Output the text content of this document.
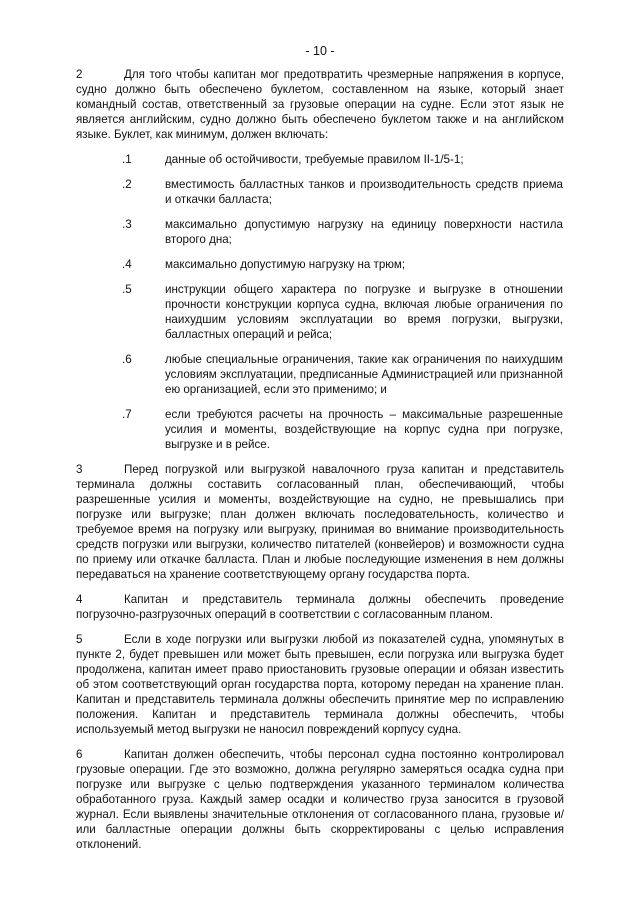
- 10 -

2	Для того чтобы капитан мог предотвратить чрезмерные напряжения в корпусе, судно должно быть обеспечено буклетом, составленном на языке, который знает командный состав, ответственный за грузовые операции на судне. Если этот язык не является английским, судно должно быть обеспечено буклетом также и на английском языке. Буклет, как минимум, должен включать:

.1	данные об остойчивости, требуемые правилом II-1/5-1;
.2	вместимость балластных танков и производительность средств приема и откачки балласта;
.3	максимально допустимую нагрузку на единицу поверхности настила второго дна;
.4	максимально допустимую нагрузку на трюм;
.5	инструкции общего характера по погрузке и выгрузке в отношении прочности конструкции корпуса судна, включая любые ограничения по наихудшим условиям эксплуатации во время погрузки, выгрузки, балластных операций и рейса;
.6	любые специальные ограничения, такие как ограничения по наихудшим условиям эксплуатации, предписанные Администрацией или признанной ею организацией, если это применимо; и
.7	если требуются расчеты на прочность – максимальные разрешенные усилия и моменты, воздействующие на корпус судна при погрузке, выгрузке и в рейсе.

3	Перед погрузкой или выгрузкой навалочного груза капитан и представитель терминала должны составить согласованный план, обеспечивающий, чтобы разрешенные усилия и моменты, воздействующие на судно, не превышались при погрузке или выгрузке; план должен включать последовательность, количество и требуемое время на погрузку или выгрузку, принимая во внимание производительность средств погрузки или выгрузки, количество питателей (конвейеров) и возможности судна по приему или откачке балласта. План и любые последующие изменения в нем должны передаваться на хранение соответствующему органу государства порта.

4	Капитан и представитель терминала должны обеспечить проведение погрузочно-разгрузочных операций в соответствии с согласованным планом.

5	Если в ходе погрузки или выгрузки любой из показателей судна, упомянутых в пункте 2, будет превышен или может быть превышен, если погрузка или выгрузка будет продолжена, капитан имеет право приостановить грузовые операции и обязан известить об этом соответствующий орган государства порта, которому передан на хранение план. Капитан и представитель терминала должны обеспечить принятие мер по исправлению положения. Капитан и представитель терминала должны обеспечить, чтобы используемый метод выгрузки не наносил повреждений корпусу судна.

6	Капитан должен обеспечить, чтобы персонал судна постоянно контролировал грузовые операции. Где это возможно, должна регулярно замеряться осадка судна при погрузке или выгрузке с целью подтверждения указанного терминалом количества обработанного груза. Каждый замер осадки и количество груза заносится в грузовой журнал. Если выявлены значительные отклонения от согласованного плана, грузовые и/или балластные операции должны быть скорректированы с целью исправления отклонений.
